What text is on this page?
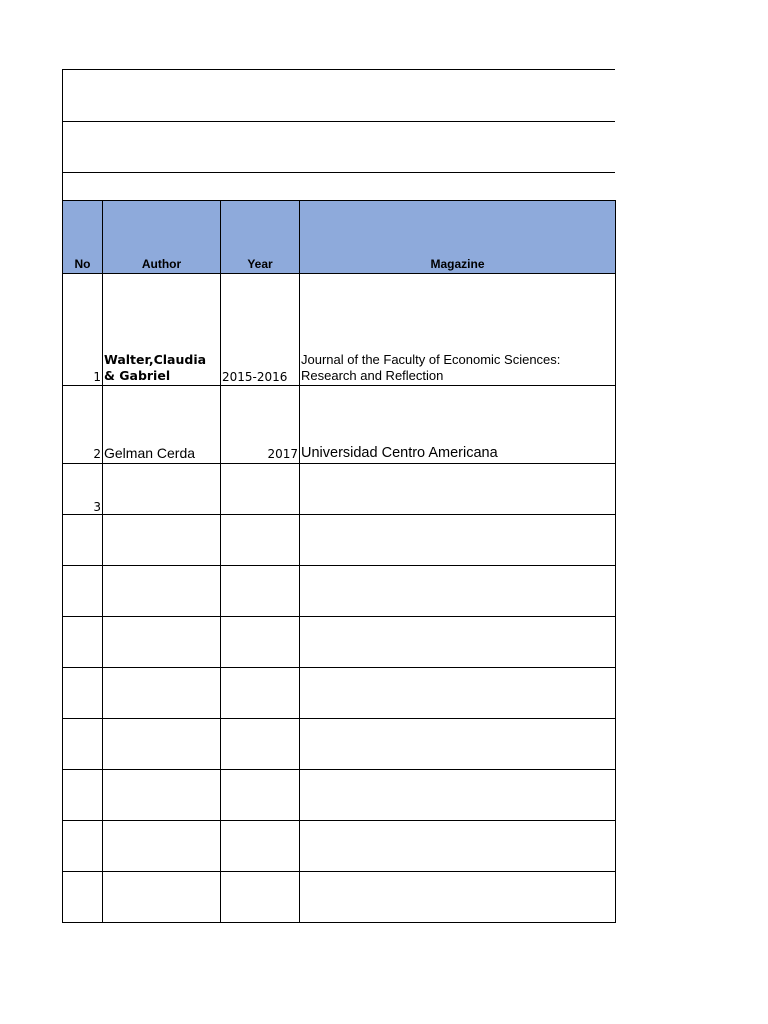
No	Author	Year	Magazine
1	Walter,Claudia & Gabriel	2015-2016	Journal of the Faculty of Economic Sciences: Research and Reflection
2	Gelman Cerda	2017	Universidad Centro Americana
3			
